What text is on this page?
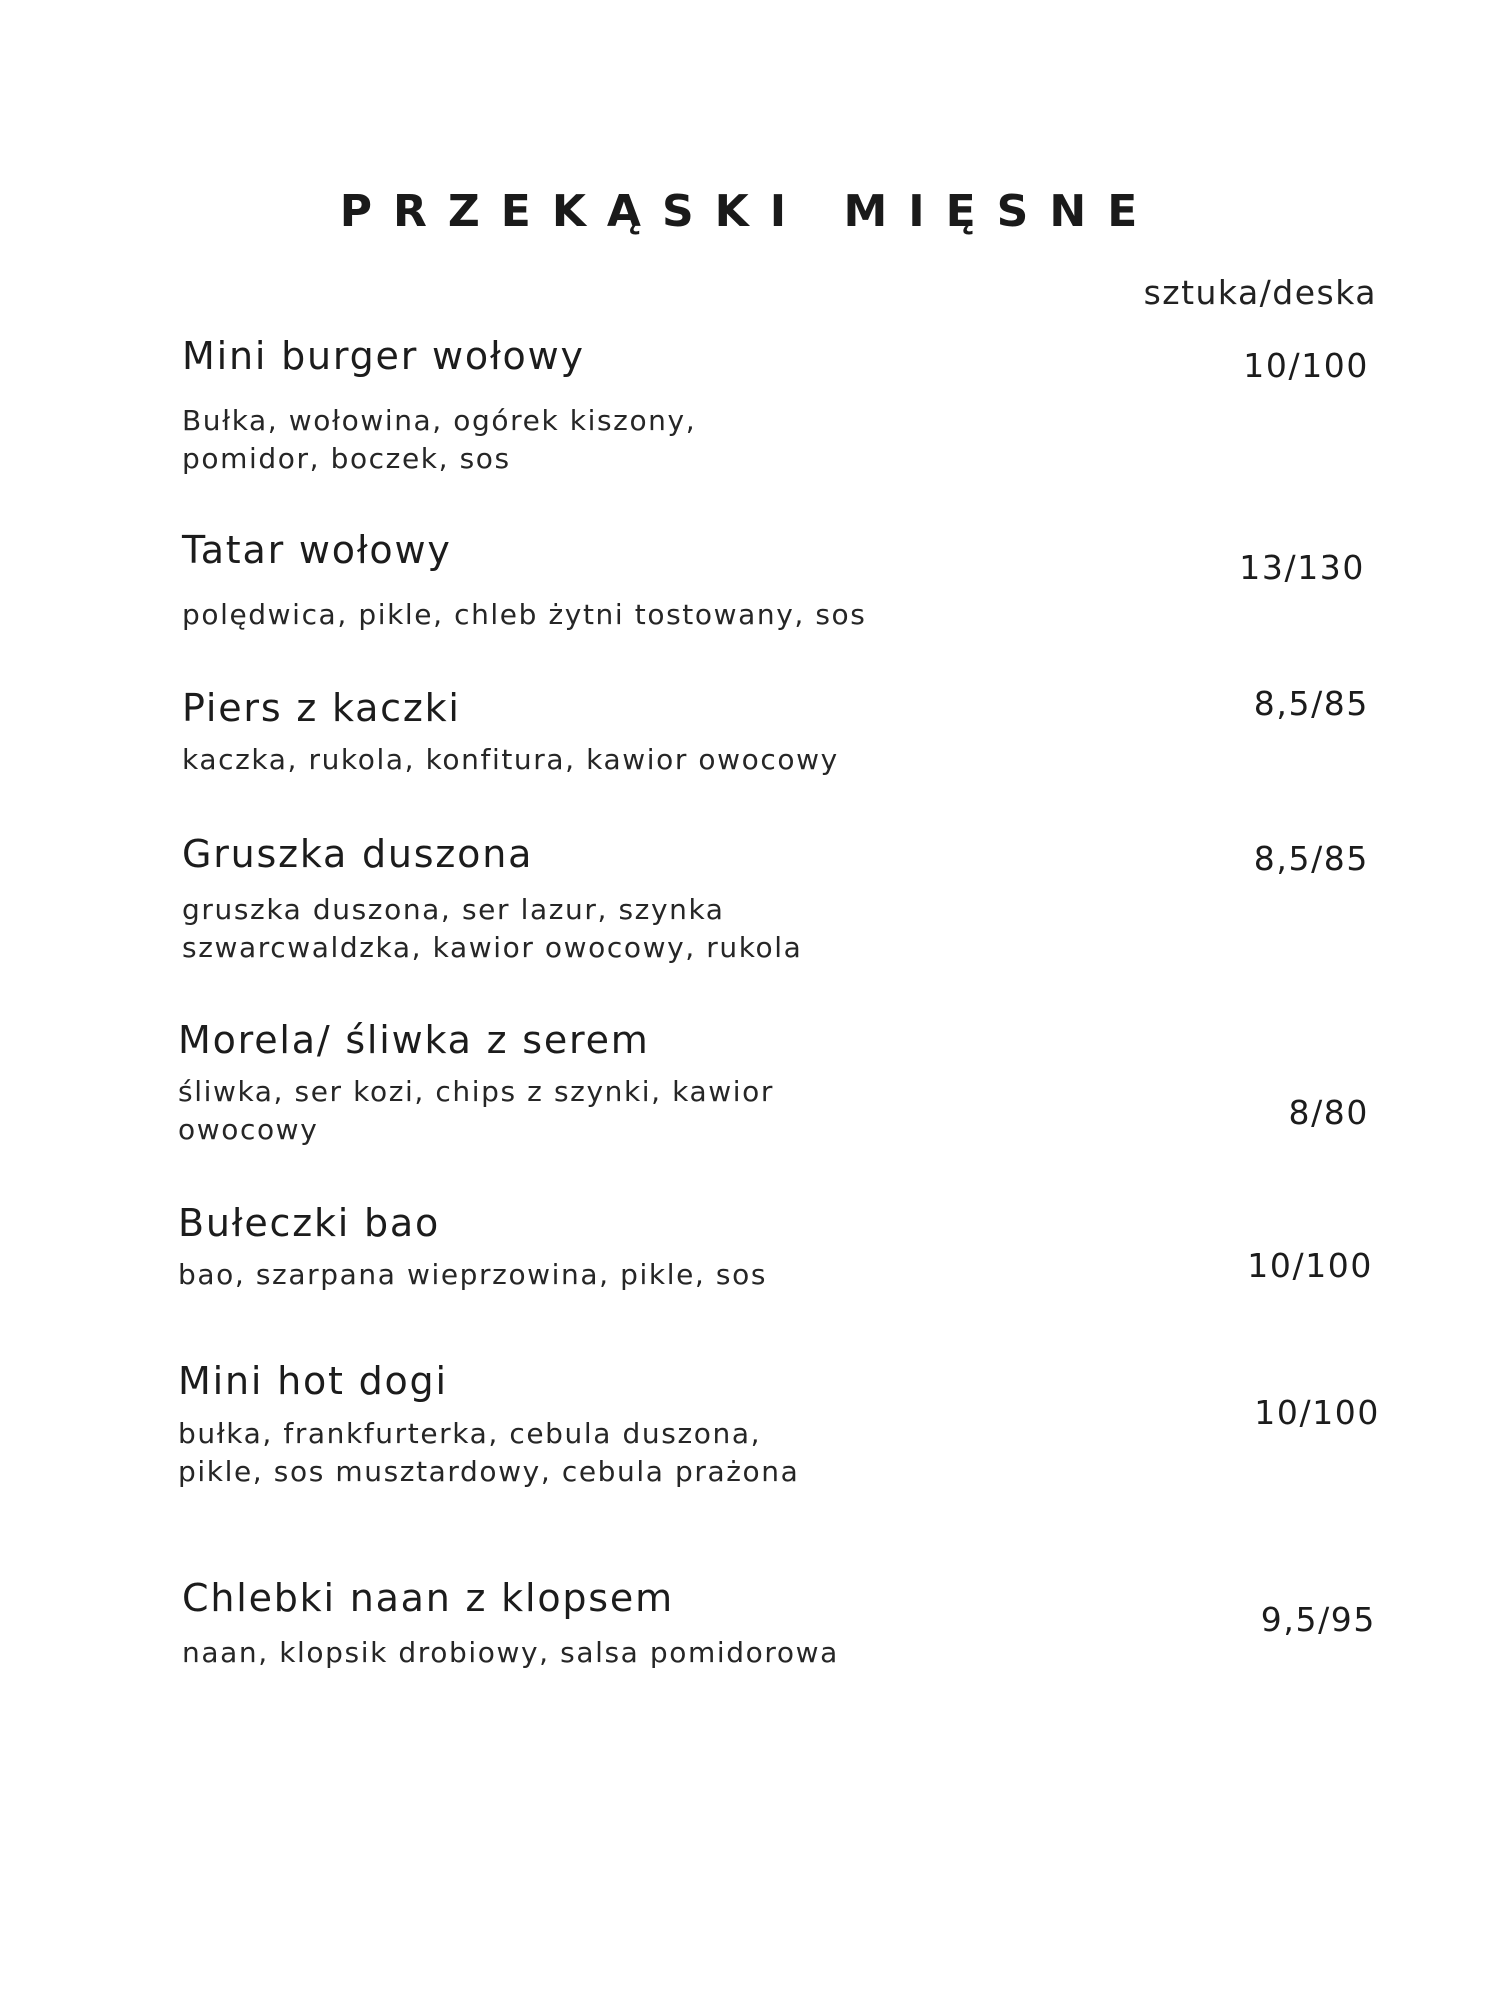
PRZEKĄSKI MIĘSNE
sztuka/deska
Mini burger wołowy
Bułka, wołowina, ogórek kiszony,
pomidor, boczek, sos
10/100
Tatar wołowy
polędwica, pikle, chleb żytni tostowany, sos
13/130
Piers z kaczki
kaczka, rukola, konfitura, kawior owocowy
8,5/85
Gruszka duszona
gruszka duszona, ser lazur, szynka
szwarcwaldzka, kawior owocowy, rukola
8,5/85
Morela/ śliwka z serem
śliwka, ser kozi, chips z szynki, kawior
owocowy	8/80
Bułeczki bao
bao, szarpana wieprzowina, pikle, sos	10/100
Mini hot dogi
bułka, frankfurterka, cebula duszona,
pikle, sos musztardowy, cebula prażona
10/100
Chlebki naan z klopsem
naan, klopsik drobiowy, salsa pomidorowa
9,5/95
